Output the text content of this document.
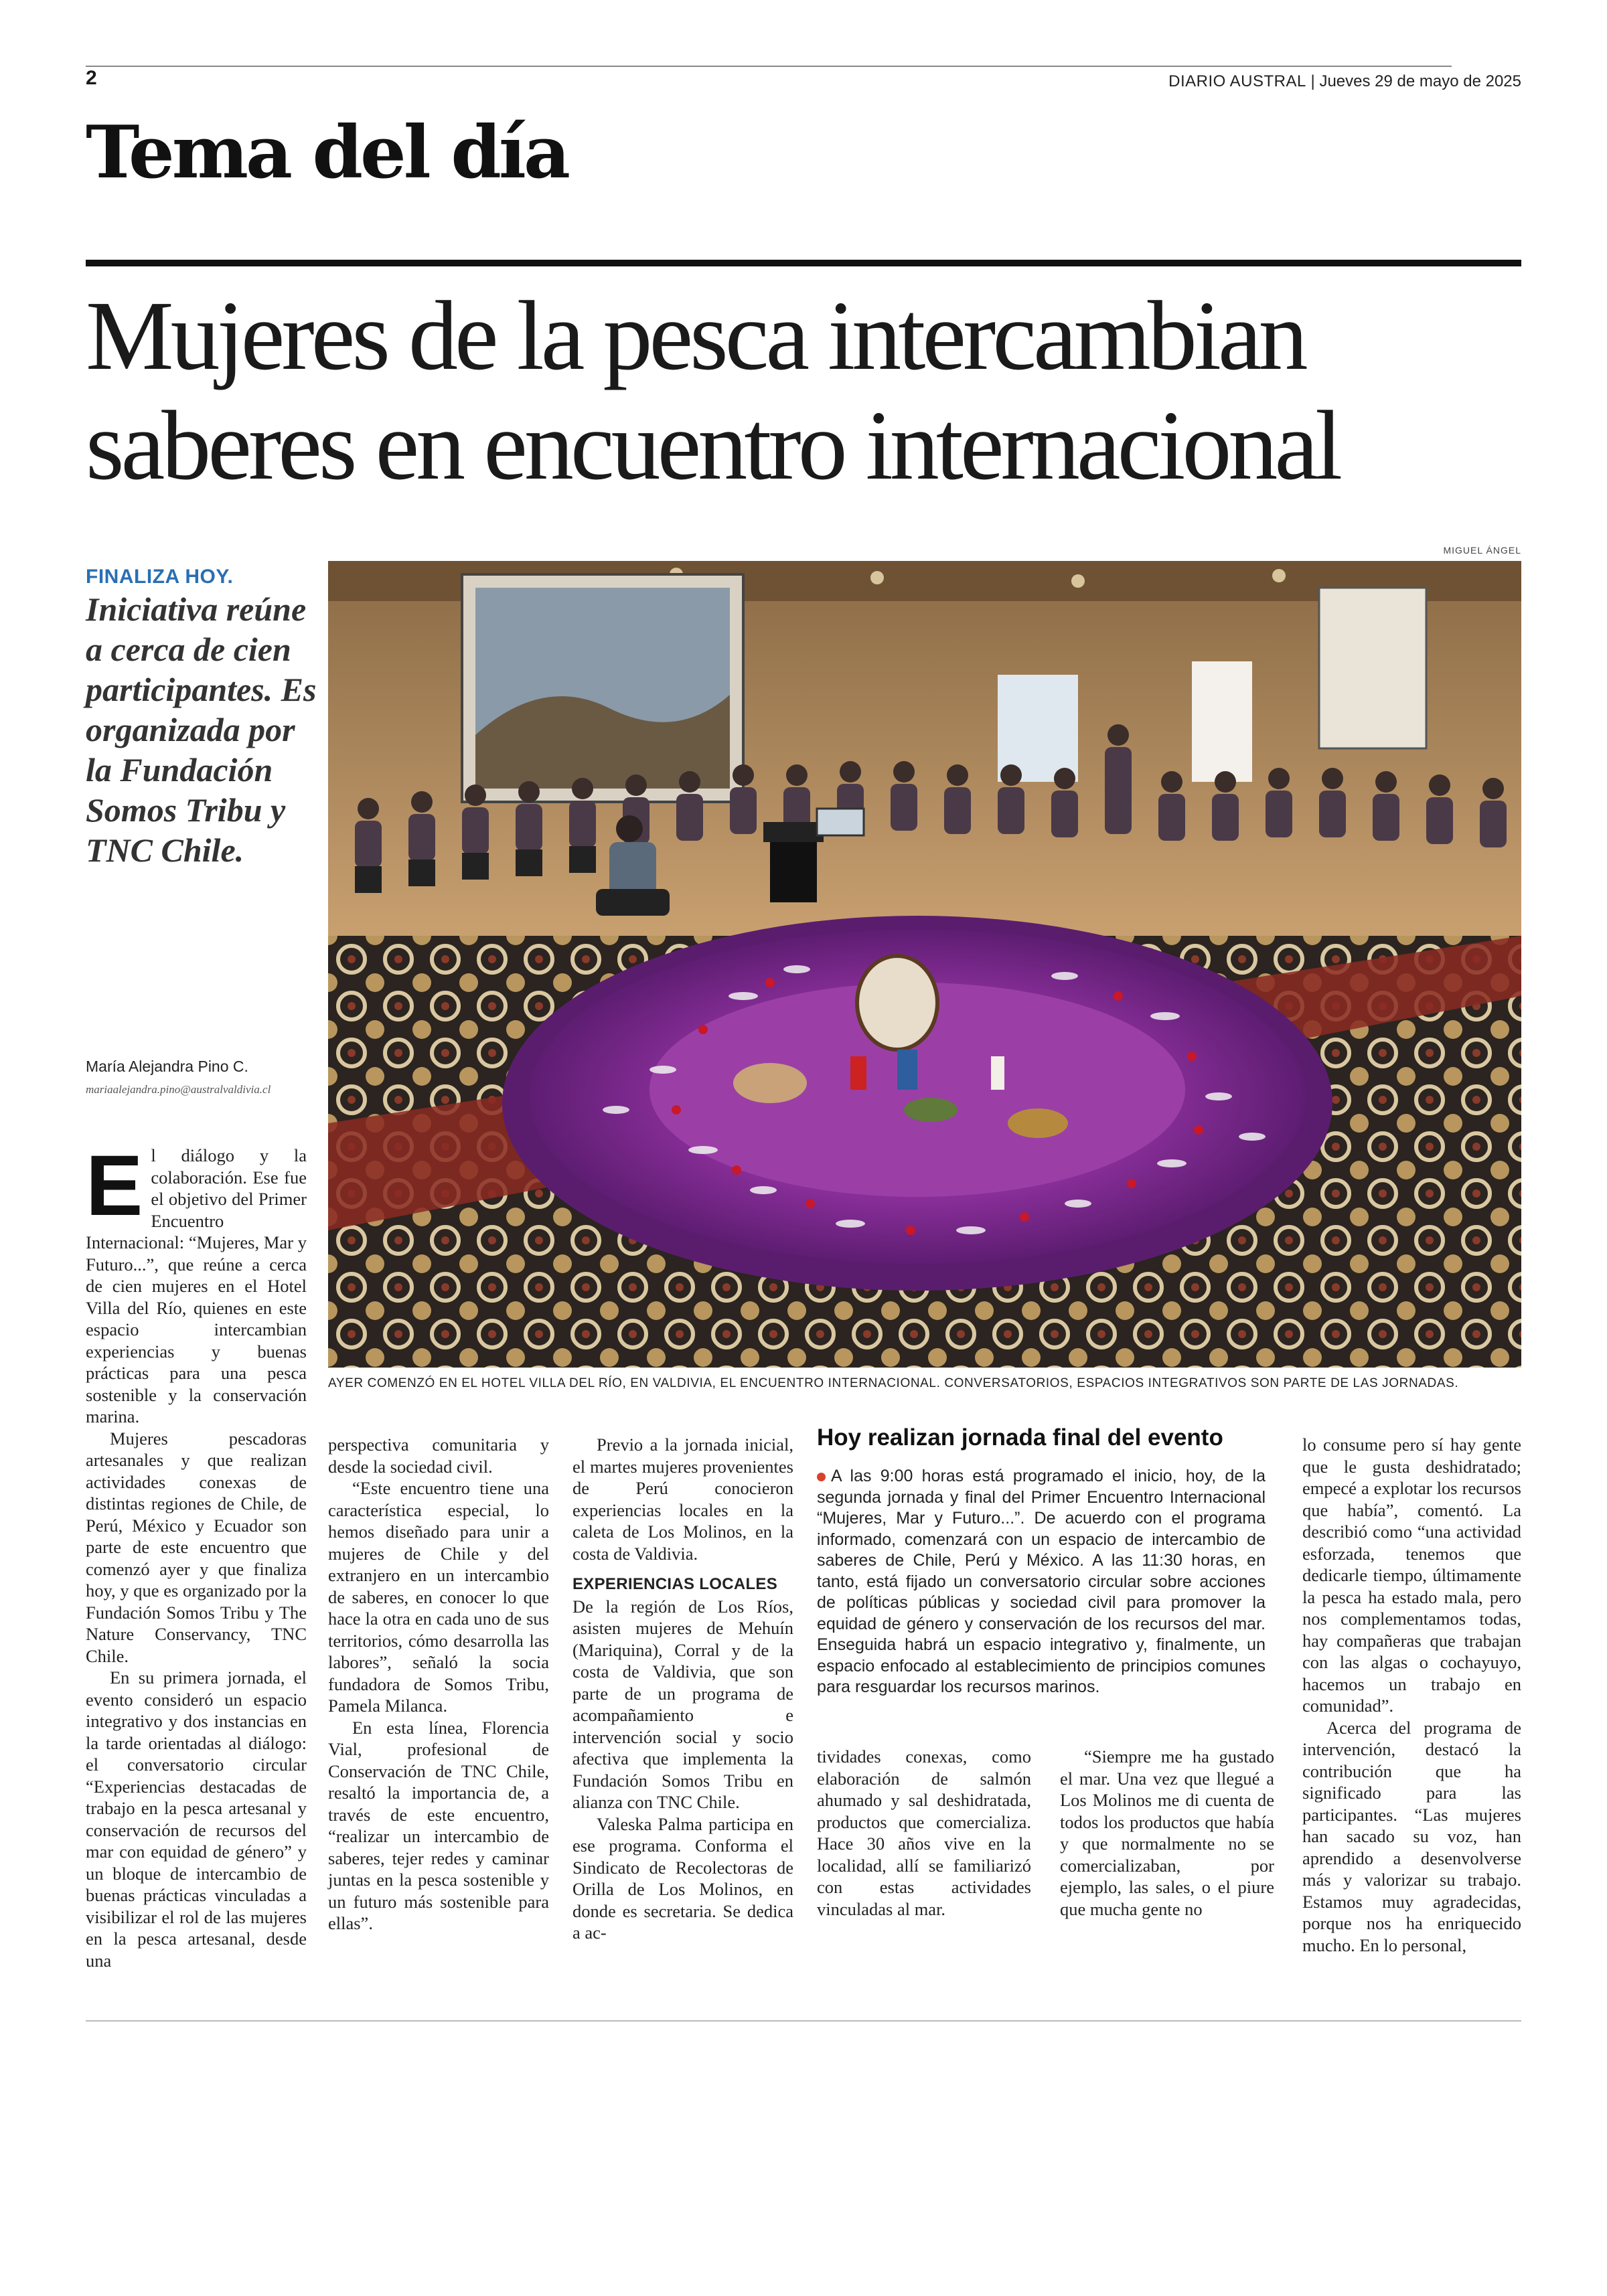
2	DIARIO AUSTRAL | Jueves 29 de mayo de 2025
Tema del día
Mujeres de la pesca intercambian
saberes en encuentro internacional
FINALIZA HOY.
Iniciativa reúne a cerca de cien participantes. Es organizada por la Fundación Somos Tribu y TNC Chile.
MIGUEL ÁNGEL
AYER COMENZÓ EN EL HOTEL VILLA DEL RÍO, EN VALDIVIA, EL ENCUENTRO INTERNACIONAL. CONVERSATORIOS, ESPACIOS INTEGRATIVOS SON PARTE DE LAS JORNADAS.
María Alejandra Pino C.
mariaalejandra.pino@australvaldivia.cl

El diálogo y la colaboración. Ese fue el objetivo del Primer Encuentro Internacional: “Mujeres, Mar y Futuro...”, que reúne a cerca de cien mujeres en el Hotel Villa del Río, quienes en este espacio intercambian experiencias y buenas prácticas para una pesca sostenible y la conservación marina.

Mujeres pescadoras artesanales y que realizan actividades conexas de distintas regiones de Chile, de Perú, México y Ecuador son parte de este encuentro que comenzó ayer y que finaliza hoy, y que es organizado por la Fundación Somos Tribu y The Nature Conservancy, TNC Chile.

En su primera jornada, el evento consideró un espacio integrativo y dos instancias en la tarde orientadas al diálogo: el conversatorio circular “Experiencias destacadas de trabajo en la pesca artesanal y conservación de recursos del mar con equidad de género” y un bloque de intercambio de buenas prácticas vinculadas a visibilizar el rol de las mujeres en la pesca artesanal, desde una

perspectiva comunitaria y desde la sociedad civil.

“Este encuentro tiene una característica especial, lo hemos diseñado para unir a mujeres de Chile y del extranjero en un intercambio de saberes, en conocer lo que hace la otra en cada uno de sus territorios, cómo desarrolla las labores”, señaló la socia fundadora de Somos Tribu, Pamela Milanca.

En esta línea, Florencia Vial, profesional de Conservación de TNC Chile, resaltó la importancia de, a través de este encuentro, “realizar un intercambio de saberes, tejer redes y caminar juntas en la pesca sostenible y un futuro más sostenible para ellas”.

Previo a la jornada inicial, el martes mujeres provenientes de Perú conocieron experiencias locales en la caleta de Los Molinos, en la costa de Valdivia.

EXPERIENCIAS LOCALES

De la región de Los Ríos, asisten mujeres de Mehuín (Mariquina), Corral y de la costa de Valdivia, que son parte de un programa de acompañamiento e intervención social y socio afectiva que implementa la Fundación Somos Tribu en alianza con TNC Chile.

Valeska Palma participa en ese programa. Conforma el Sindicato de Recolectoras de Orilla de Los Molinos, en donde es secretaria. Se dedica a ac-

Hoy realizan jornada final del evento

A las 9:00 horas está programado el inicio, hoy, de la segunda jornada y final del Primer Encuentro Internacional “Mujeres, Mar y Futuro...”. De acuerdo con el programa informado, comenzará con un espacio de intercambio de saberes de Chile, Perú y México. A las 11:30 horas, en tanto, está fijado un conversatorio circular sobre acciones de políticas públicas y sociedad civil para promover la equidad de género y conservación de los recursos del mar. Enseguida habrá un espacio integrativo y, finalmente, un espacio enfocado al establecimiento de principios comunes para resguardar los recursos marinos.

tividades conexas, como elaboración de salmón ahumado y sal deshidratada, productos que comercializa. Hace 30 años vive en la localidad, allí se familiarizó con estas actividades vinculadas al mar.

“Siempre me ha gustado el mar. Una vez que llegué a Los Molinos me di cuenta de todos los productos que había y que normalmente no se comercializaban, por ejemplo, las sales, o el piure que mucha gente no

lo consume pero sí hay gente que le gusta deshidratado; empecé a explotar los recursos que había”, comentó. La describió como “una actividad esforzada, tenemos que dedicarle tiempo, últimamente la pesca ha estado mala, pero nos complementamos todas, hay compañeras que trabajan con las algas o cochayuyo, hacemos un trabajo en comunidad”.

Acerca del programa de intervención, destacó la contribución que ha significado para las participantes. “Las mujeres han sacado su voz, han aprendido a desenvolverse más y valorizar su trabajo. Estamos muy agradecidas, porque nos ha enriquecido mucho. En lo personal,
